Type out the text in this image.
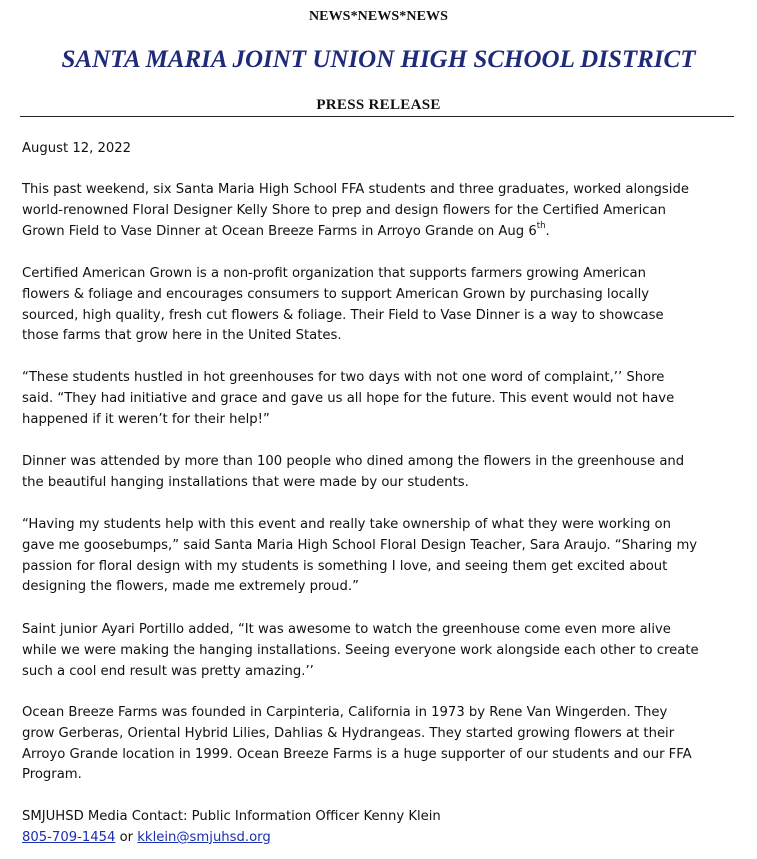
NEWS*NEWS*NEWS
SANTA MARIA JOINT UNION HIGH SCHOOL DISTRICT
PRESS RELEASE
August 12, 2022
This past weekend, six Santa Maria High School FFA students and three graduates, worked alongside
world-renowned Floral Designer Kelly Shore to prep and design flowers for the Certified American
Grown Field to Vase Dinner at Ocean Breeze Farms in Arroyo Grande on Aug 6th.
Certified American Grown is a non-profit organization that supports farmers growing American
flowers & foliage and encourages consumers to support American Grown by purchasing locally
sourced, high quality, fresh cut flowers & foliage. Their Field to Vase Dinner is a way to showcase
those farms that grow here in the United States.
“These students hustled in hot greenhouses for two days with not one word of complaint,’’ Shore
said. “They had initiative and grace and gave us all hope for the future. This event would not have
happened if it weren’t for their help!”
Dinner was attended by more than 100 people who dined among the flowers in the greenhouse and
the beautiful hanging installations that were made by our students.
“Having my students help with this event and really take ownership of what they were working on
gave me goosebumps,” said Santa Maria High School Floral Design Teacher, Sara Araujo. “Sharing my
passion for floral design with my students is something I love, and seeing them get excited about
designing the flowers, made me extremely proud.”
Saint junior Ayari Portillo added, “It was awesome to watch the greenhouse come even more alive
while we were making the hanging installations. Seeing everyone work alongside each other to create
such a cool end result was pretty amazing.’’
Ocean Breeze Farms was founded in Carpinteria, California in 1973 by Rene Van Wingerden. They
grow Gerberas, Oriental Hybrid Lilies, Dahlias & Hydrangeas. They started growing flowers at their
Arroyo Grande location in 1999. Ocean Breeze Farms is a huge supporter of our students and our FFA
Program.
SMJUHSD Media Contact: Public Information Officer Kenny Klein
805-709-1454 or kklein@smjuhsd.org
